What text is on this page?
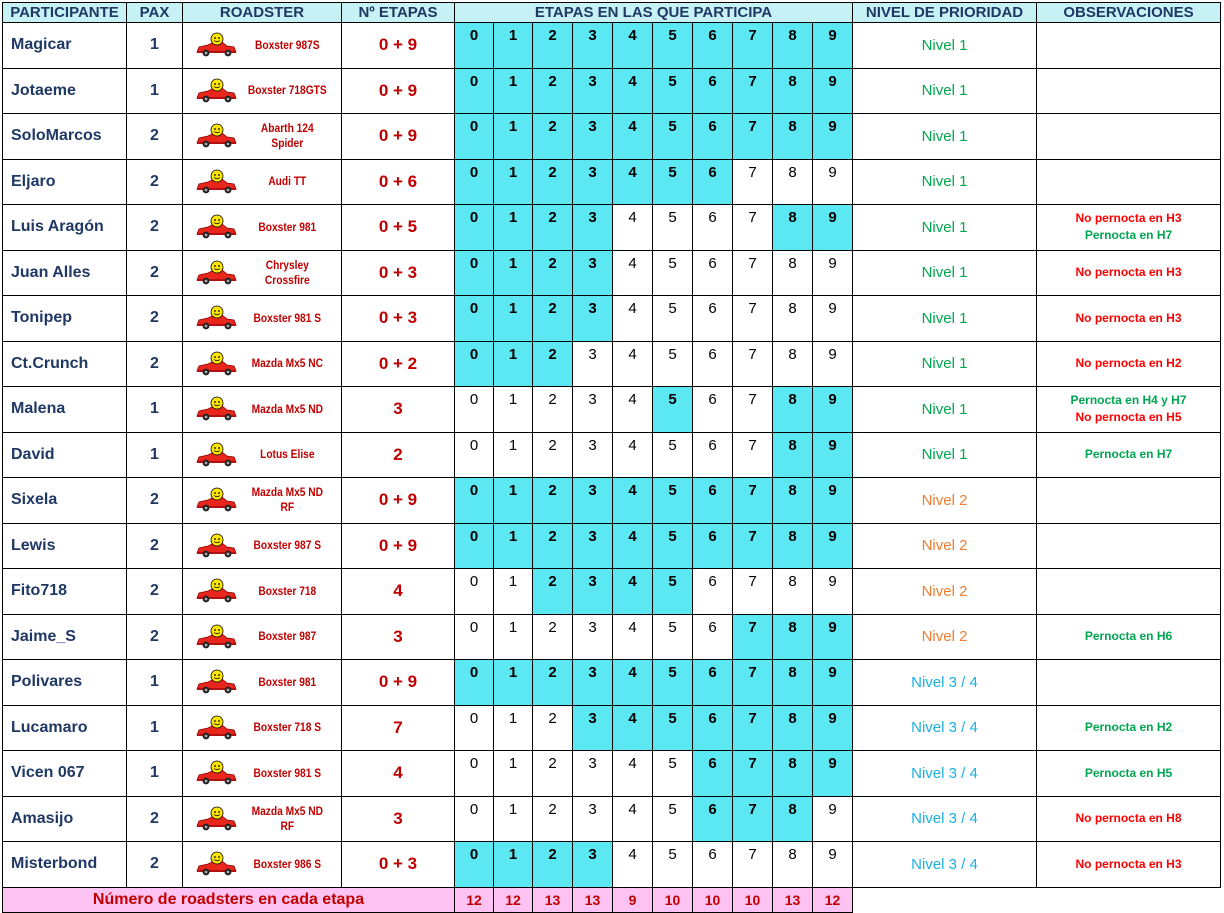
PARTICIPANTE	PAX	ROADSTER	Nº ETAPAS	ETAPAS EN LAS QUE PARTICIPA										NIVEL DE PRIORIDAD	OBSERVACIONES
Magicar	1	Boxster 987S	0 + 9	0	1	2	3	4	5	6	7	8	9	Nivel 1	
Jotaeme	1	Boxster 718GTS	0 + 9	0	1	2	3	4	5	6	7	8	9	Nivel 1	
SoloMarcos	2	Abarth 124 Spider	0 + 9	0	1	2	3	4	5	6	7	8	9	Nivel 1	
Eljaro	2	Audi TT	0 + 6	0	1	2	3	4	5	6	7	8	9	Nivel 1	
Luis Aragón	2	Boxster 981	0 + 5	0	1	2	3	4	5	6	7	8	9	Nivel 1	No pernocta en H3
Pernocta en H7

Juan Alles	2	Chrysley Crossfire	0 + 3	0	1	2	3	4	5	6	7	8	9	Nivel 1	No pernocta en H3

Tonipep	2	Boxster 981 S	0 + 3	0	1	2	3	4	5	6	7	8	9	Nivel 1	No pernocta en H3

Ct.Crunch	2	Mazda Mx5 NC	0 + 2	0	1	2	3	4	5	6	7	8	9	Nivel 1	No pernocta en H2

Malena	1	Mazda Mx5 ND	3	0	1	2	3	4	5	6	7	8	9	Nivel 1	Pernocta en H4 y H7
No pernocta en H5

David	1	Lotus Elise	2	0	1	2	3	4	5	6	7	8	9	Nivel 1	Pernocta en H7

Sixela	2	Mazda Mx5 ND RF	0 + 9	0	1	2	3	4	5	6	7	8	9	Nivel 2	
Lewis	2	Boxster 987 S	0 + 9	0	1	2	3	4	5	6	7	8	9	Nivel 2	
Fito718	2	Boxster 718	4	0	1	2	3	4	5	6	7	8	9	Nivel 2	
Jaime_S	2	Boxster 987	3	0	1	2	3	4	5	6	7	8	9	Nivel 2	Pernocta en H6

Polivares	1	Boxster 981	0 + 9	0	1	2	3	4	5	6	7	8	9	Nivel 3 / 4	
Lucamaro	1	Boxster 718 S	7	0	1	2	3	4	5	6	7	8	9	Nivel 3 / 4	Pernocta en H2

Vicen 067	1	Boxster 981 S	4	0	1	2	3	4	5	6	7	8	9	Nivel 3 / 4	Pernocta en H5

Amasijo	2	Mazda Mx5 ND RF	3	0	1	2	3	4	5	6	7	8	9	Nivel 3 / 4	No pernocta en H8

Misterbond	2	Boxster 986 S	0 + 3	0	1	2	3	4	5	6	7	8	9	Nivel 3 / 4	No pernocta en H3

Número de roadsters en cada etapa				12	12	13	13	9	10	10	10	13	12		
